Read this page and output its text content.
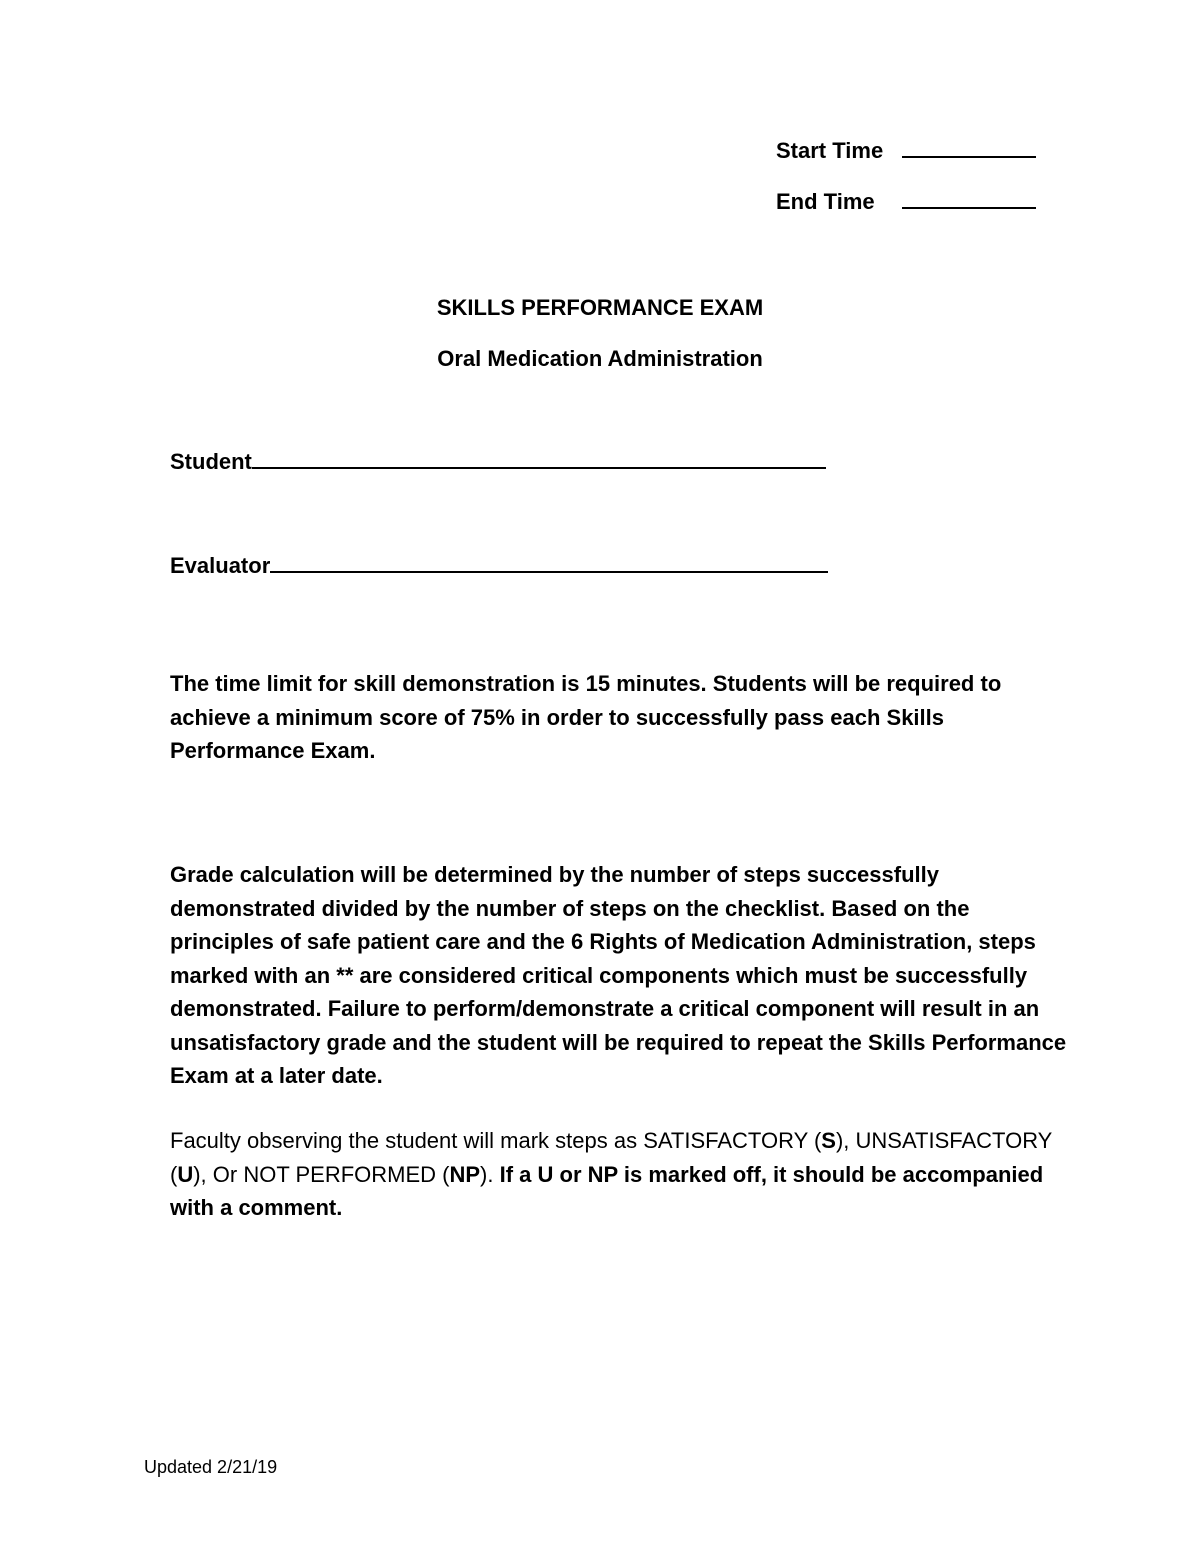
Start Time
End Time
SKILLS PERFORMANCE EXAM
Oral Medication Administration
Student
Evaluator
The time limit for skill demonstration is 15 minutes. Students will be required to achieve a minimum score of 75% in order to successfully pass each Skills Performance Exam.
Grade calculation will be determined by the number of steps successfully demonstrated divided by the number of steps on the checklist. Based on the principles of safe patient care and the 6 Rights of Medication Administration, steps marked with an ** are considered critical components which must be successfully demonstrated. Failure to perform/demonstrate a critical component will result in an unsatisfactory grade and the student will be required to repeat the Skills Performance Exam at a later date.
Faculty observing the student will mark steps as SATISFACTORY (S), UNSATISFACTORY (U), Or NOT PERFORMED (NP). If a U or NP is marked off, it should be accompanied with a comment.
Updated 2/21/19
